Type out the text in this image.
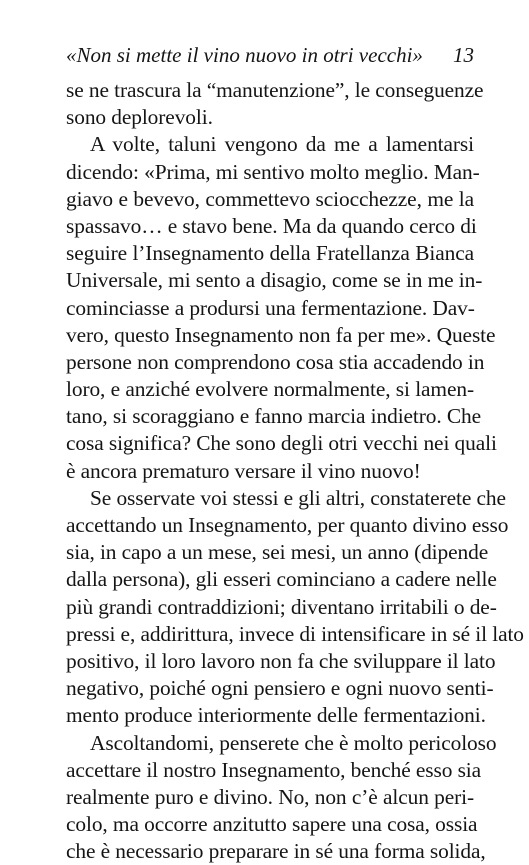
«Non si mette il vino nuovo in otri vecchi» 13
se ne trascura la “manutenzione”, le conseguenze
sono deplorevoli.
A volte, taluni vengono da me a lamentarsi
dicendo: «Prima, mi sentivo molto meglio. Man-
giavo e bevevo, commettevo sciocchezze, me la
spassavo… e stavo bene. Ma da quando cerco di
seguire l’Insegnamento della Fratellanza Bianca
Universale, mi sento a disagio, come se in me in-
cominciasse a prodursi una fermentazione. Dav-
vero, questo Insegnamento non fa per me». Queste
persone non comprendono cosa stia accadendo in
loro, e anziché evolvere normalmente, si lamen-
tano, si scoraggiano e fanno marcia indietro. Che
cosa significa? Che sono degli otri vecchi nei quali
è ancora prematuro versare il vino nuovo!
Se osservate voi stessi e gli altri, constaterete che
accettando un Insegnamento, per quanto divino esso
sia, in capo a un mese, sei mesi, un anno (dipende
dalla persona), gli esseri cominciano a cadere nelle
più grandi contraddizioni; diventano irritabili o de-
pressi e, addirittura, invece di intensificare in sé il lato
positivo, il loro lavoro non fa che sviluppare il lato
negativo, poiché ogni pensiero e ogni nuovo senti-
mento produce interiormente delle fermentazioni.
Ascoltandomi, penserete che è molto pericoloso
accettare il nostro Insegnamento, benché esso sia
realmente puro e divino. No, non c’è alcun peri-
colo, ma occorre anzitutto sapere una cosa, ossia
che è necessario preparare in sé una forma solida,
